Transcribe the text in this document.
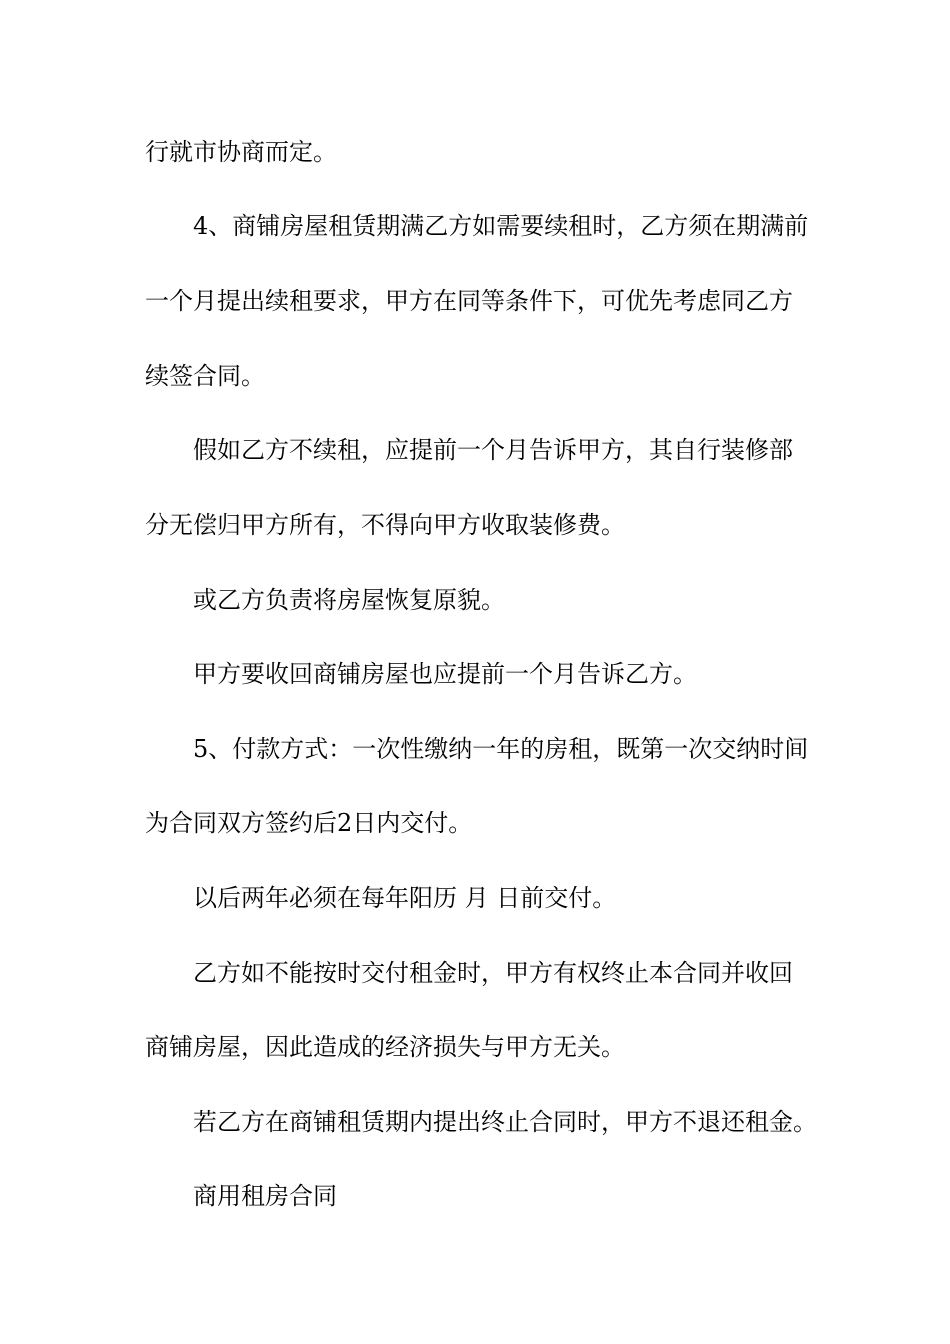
行就市协商而定。
4、商铺房屋租赁期满乙方如需要续租时，乙方须在期满前
一个月提出续租要求，甲方在同等条件下，可优先考虑同乙方
续签合同。
假如乙方不续租，应提前一个月告诉甲方，其自行装修部
分无偿归甲方所有，不得向甲方收取装修费。
或乙方负责将房屋恢复原貌。
甲方要收回商铺房屋也应提前一个月告诉乙方。
5、付款方式：一次性缴纳一年的房租，既第一次交纳时间
为合同双方签约后2日内交付。
以后两年必须在每年阳历 月 日前交付。
乙方如不能按时交付租金时，甲方有权终止本合同并收回
商铺房屋，因此造成的经济损失与甲方无关。
若乙方在商铺租赁期内提出终止合同时，甲方不退还租金。
商用租房合同
